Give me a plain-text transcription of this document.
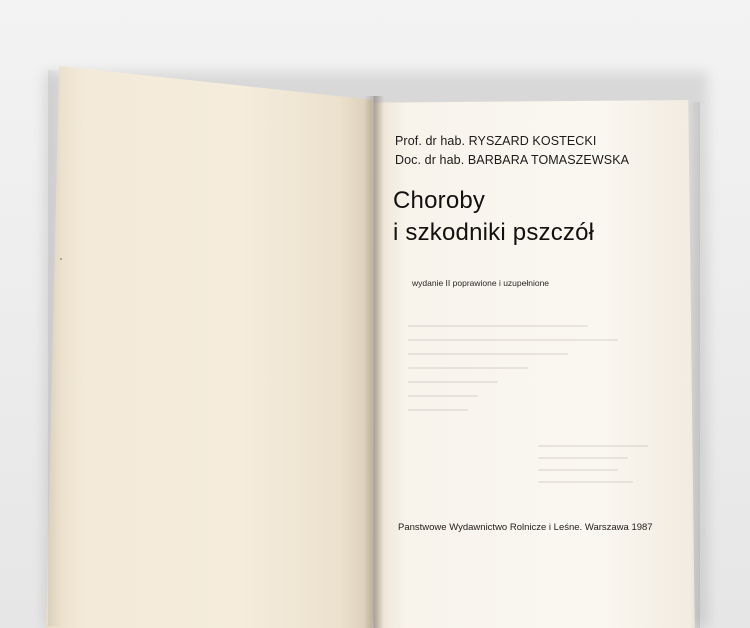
Prof. dr hab. RYSZARD KOSTECKI
Doc. dr hab. BARBARA TOMASZEWSKA
Choroby
i szkodniki pszczół
wydanie II poprawione i uzupełnione
Panstwowe Wydawnictwo Rolnicze i Leśne. Warszawa 1987
